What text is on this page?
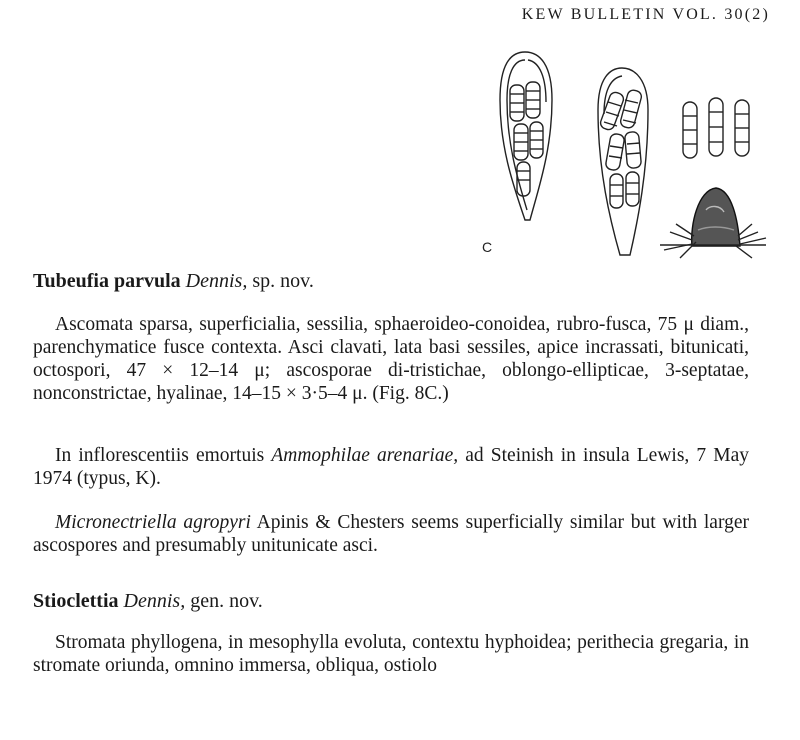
KEW BULLETIN VOL. 30(2)
C
Tubeufia parvula Dennis, sp. nov.
Ascomata sparsa, superficialia, sessilia, sphaeroideo-conoidea, rubro-fusca, 75 μ diam., parenchymatice fusce contexta. Asci clavati, lata basi sessiles, apice incrassati, bitunicati, octospori, 47 × 12–14 μ; ascosporae di-tristichae, oblongo-ellipticae, 3-septatae, nonconstrictae, hyalinae, 14–15 × 3·5–4 μ. (Fig. 8C.)
In inflorescentiis emortuis Ammophilae arenariae, ad Steinish in insula Lewis, 7 May 1974 (typus, K).
Micronectriella agropyri Apinis & Chesters seems superficially similar but with larger ascospores and presumably unitunicate asci.
Stioclettia Dennis, gen. nov.
Stromata phyllogena, in mesophylla evoluta, contextu hyphoidea; perithecia gregaria, in stromate oriunda, omnino immersa, obliqua, ostiolo
